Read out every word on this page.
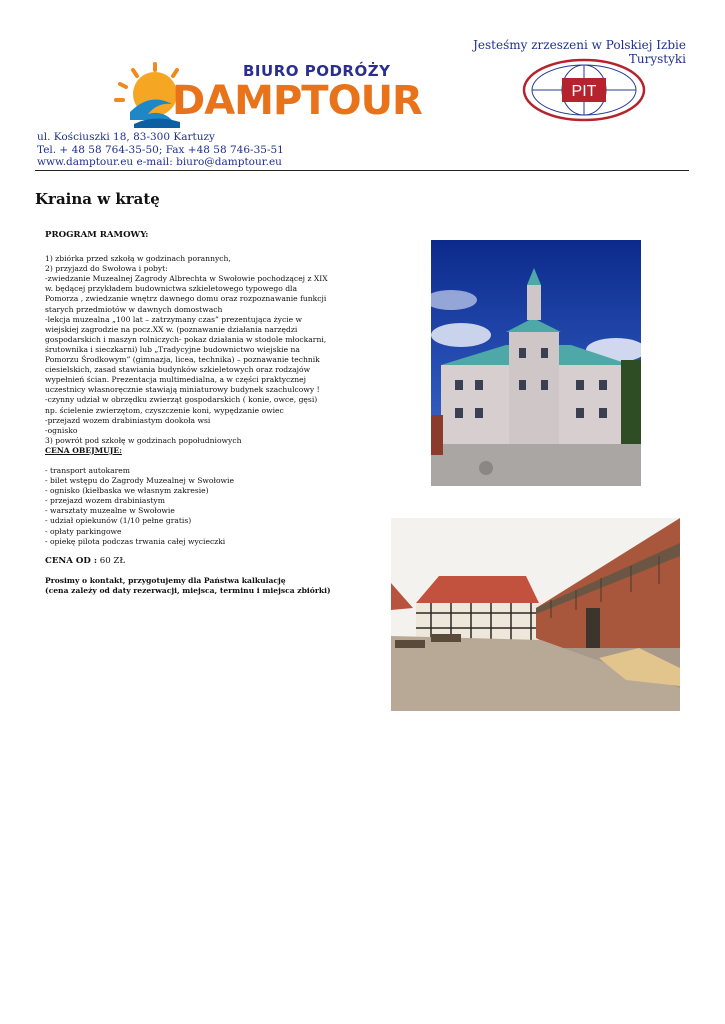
Jesteśmy zrzeszeni w Polskiej Izbie Turystyki
BIURO PODRÓŻY
DAMPTOUR	PIT
ul. Kościuszki 18, 83-300 Kartuzy
Tel. + 48 58 764-35-50; Fax +48 58 746-35-51
www.damptour.eu e-mail: biuro@damptour.eu
Kraina w kratę

PROGRAM RAMOWY:

1) zbiórka przed szkołą w godzinach porannych,
2) przyjazd do Swołowa i pobyt:
-zwiedzanie Muzealnej Zagrody Albrechta w Swołowie pochodzącej z XIX
w. będącej przykładem budownictwa szkieletowego typowego dla
Pomorza , zwiedzanie wnętrz dawnego domu oraz rozpoznawanie funkcji
starych przedmiotów w dawnych domostwach
-lekcja muzealna „100 lat – zatrzymany czas” prezentująca życie w
wiejskiej zagrodzie na pocz.XX w. (poznawanie działania narzędzi
gospodarskich i maszyn rolniczych- pokaz działania w stodole młockarni,
śrutownika i sieczkarni) lub „Tradycyjne budownictwo wiejskie na
Pomorzu Środkowym” (gimnazja, licea, technika) – poznawanie technik
ciesielskich, zasad stawiania budynków szkieletowych oraz rodzajów
wypełnień ścian. Prezentacja multimedialna, a w części praktycznej
uczestnicy własnoręcznie stawiają miniaturowy budynek szachulcowy !
-czynny udział w obrzędku zwierząt gospodarskich ( konie, owce, gęsi)
np. ścielenie zwierzętom, czyszczenie koni, wypędzanie owiec
-przejazd wozem drabiniastym dookoła wsi
-ognisko
3) powrót pod szkołę w godzinach popołudniowych

CENA OBEJMUJE:

- transport autokarem
- bilet wstępu do Zagrody Muzealnej w Swołowie
- ognisko (kiełbaska we własnym zakresie)
- przejazd wozem drabiniastym
- warsztaty muzealne w Swołowie
- udział opiekunów (1/10 pełne gratis)
- opłaty parkingowe
- opiekę pilota podczas trwania całej wycieczki

CENA OD : 60 ZŁ

Prosimy o kontakt, przygotujemy dla Państwa kalkulację

(cena zależy od daty rezerwacji, miejsca, terminu i miejsca zbiórki)
